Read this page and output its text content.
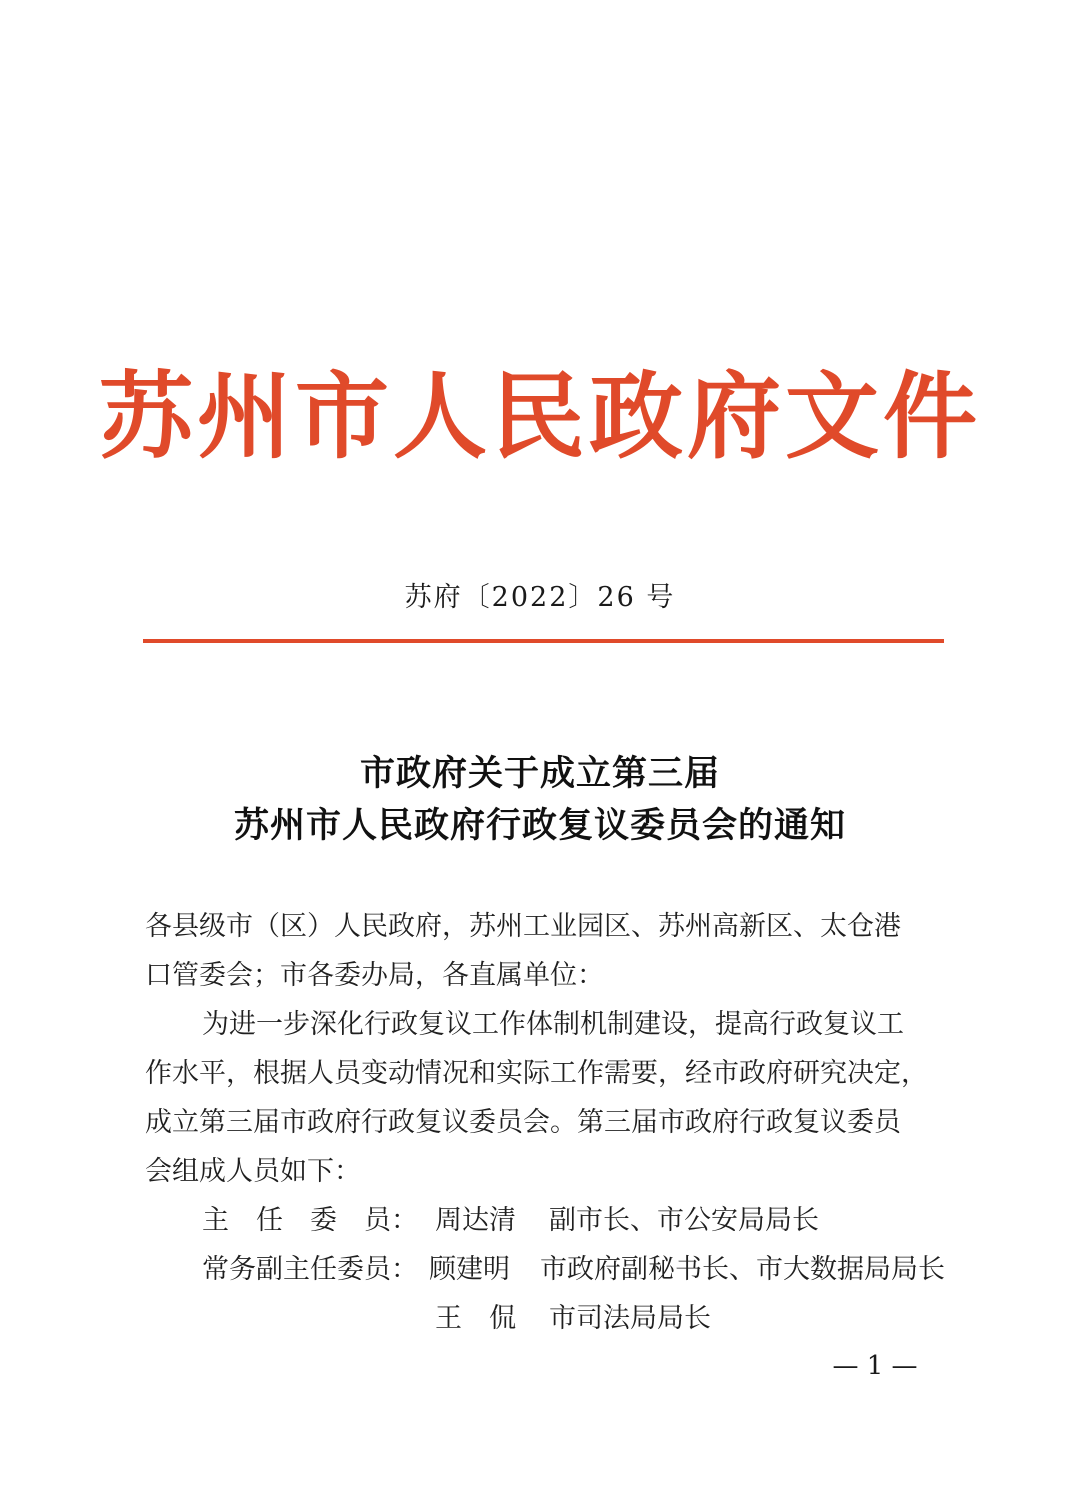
苏州市人民政府文件
苏府〔2022〕26 号
市政府关于成立第三届
苏州市人民政府行政复议委员会的通知

各县级市（区）人民政府，苏州工业园区、苏州高新区、太仓港

口管委会；市各委办局，各直属单位：

为进一步深化行政复议工作体制机制建设，提高行政复议工

作水平，根据人员变动情况和实际工作需要，经市政府研究决定，

成立第三届市政府行政复议委员会。第三届市政府行政复议委员

会组成人员如下：

主　任　委　员： 周达清	副市长、市公安局局长
常务副主任委员： 顾建明	市政府副秘书长、市大数据局局长
王　侃	市司法局局长
— 1 —
